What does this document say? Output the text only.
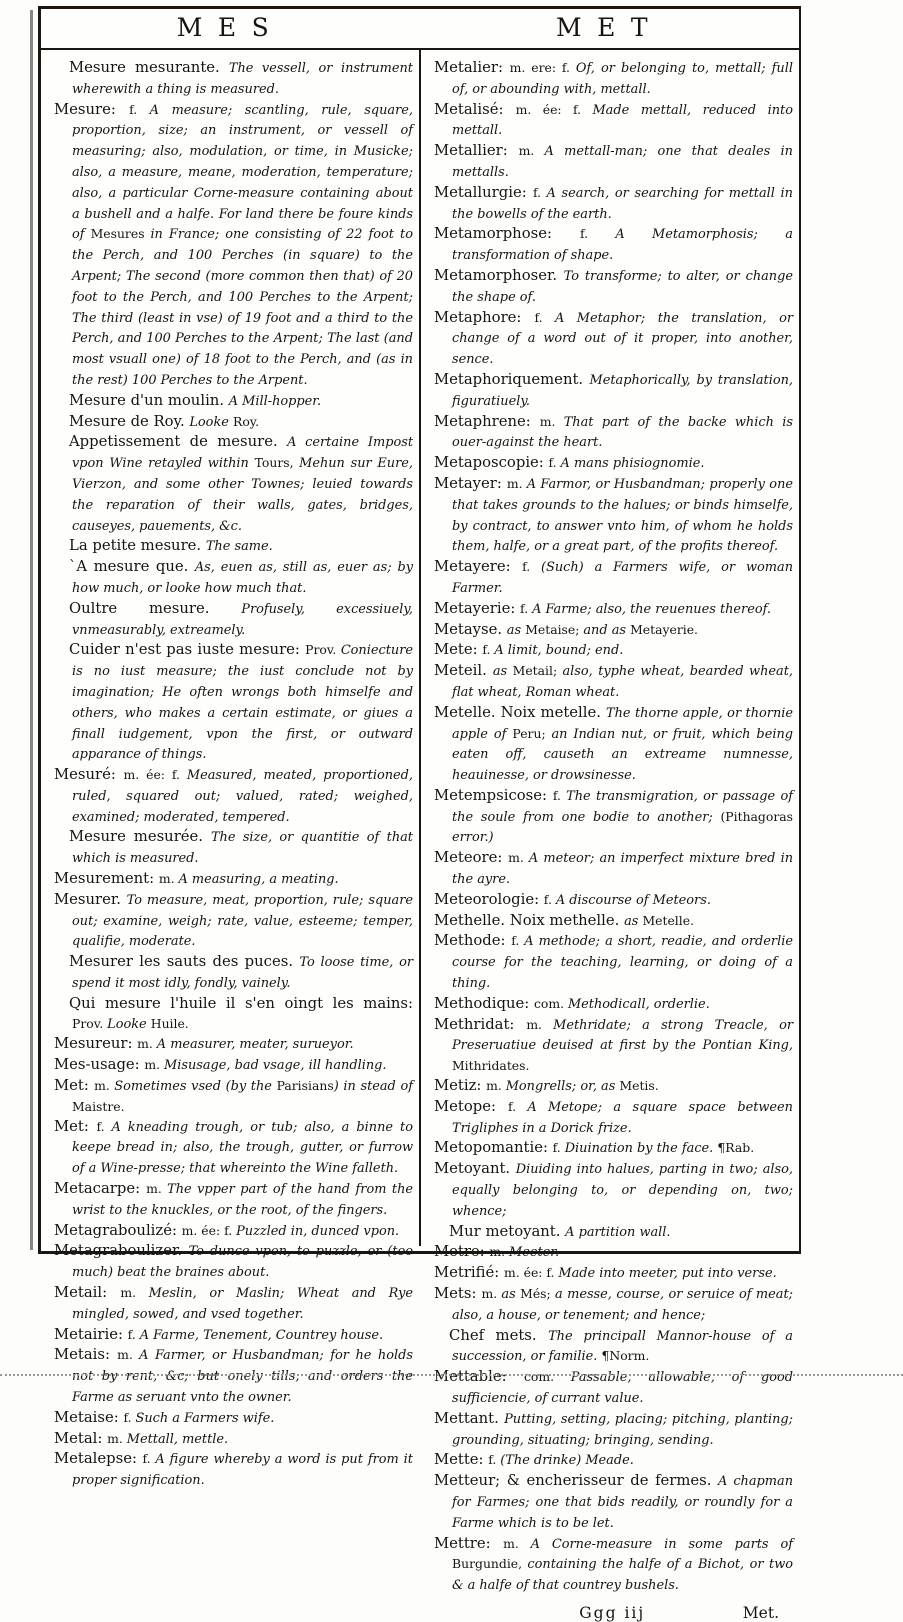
MES	MET

Mesure mesurante. The vessell, or instrument wherewith a thing is measured.

Mesure: f. A measure; scantling, rule, square, proportion, size; an instrument, or vessell of measuring; also, modulation, or time, in Musicke; also, a measure, meane, moderation, temperature; also, a particular Corne-measure containing about a bushell and a halfe. For land there be foure kinds of Mesures in France; one consisting of 22 foot to the Perch, and 100 Perches (in square) to the Arpent; The second (more common then that) of 20 foot to the Perch, and 100 Perches to the Arpent; The third (least in vse) of 19 foot and a third to the Perch, and 100 Perches to the Arpent; The last (and most vsuall one) of 18 foot to the Perch, and (as in the rest) 100 Perches to the Arpent.

Mesure d'un moulin. A Mill-hopper.

Mesure de Roy. Looke Roy.

Appetissement de mesure. A certaine Impost vpon Wine retayled within Tours, Mehun sur Eure, Vierzon, and some other Townes; leuied towards the reparation of their walls, gates, bridges, causeyes, pauements, &c.

La petite mesure. The same.

`A mesure que. As, euen as, still as, euer as; by how much, or looke how much that.

Oultre mesure. Profusely, excessiuely, vnmeasurably, extreamely.

Cuider n'est pas iuste mesure: Prov. Coniecture is no iust measure; the iust conclude not by imagination; He often wrongs both himselfe and others, who makes a certain estimate, or giues a finall iudgement, vpon the first, or outward apparance of things.

Mesuré: m. ée: f. Measured, meated, proportioned, ruled, squared out; valued, rated; weighed, examined; moderated, tempered.

Mesure mesurée. The size, or quantitie of that which is measured.

Mesurement: m. A measuring, a meating.

Mesurer. To measure, meat, proportion, rule; square out; examine, weigh; rate, value, esteeme; temper, qualifie, moderate.

Mesurer les sauts des puces. To loose time, or spend it most idly, fondly, vainely.

Qui mesure l'huile il s'en oingt les mains: Prov. Looke Huile.

Mesureur: m. A measurer, meater, surueyor.

Mes-usage: m. Misusage, bad vsage, ill handling.

Met: m. Sometimes vsed (by the Parisians) in stead of Maistre.

Met: f. A kneading trough, or tub; also, a binne to keepe bread in; also, the trough, gutter, or furrow of a Wine-presse; that whereinto the Wine falleth.

Metacarpe: m. The vpper part of the hand from the wrist to the knuckles, or the root, of the fingers.

Metagraboulizé: m. ée: f. Puzzled in, dunced vpon.

Metagraboulizer. To dunce vpon, to puzzle, or (too much) beat the braines about.

Metail: m. Meslin, or Maslin; Wheat and Rye mingled, sowed, and vsed together.

Metairie: f. A Farme, Tenement, Countrey house.

Metais: m. A Farmer, or Husbandman; for he holds not by rent, &c; but onely tills, and orders the Farme as seruant vnto the owner.

Metaise: f. Such a Farmers wife.

Metal: m. Mettall, mettle.

Metalepse: f. A figure whereby a word is put from it proper signification.

Metalier: m. ere: f. Of, or belonging to, mettall; full of, or abounding with, mettall.

Metalisé: m. ée: f. Made mettall, reduced into mettall.

Metallier: m. A mettall-man; one that deales in mettalls.

Metallurgie: f. A search, or searching for mettall in the bowells of the earth.

Metamorphose: f. A Metamorphosis; a transformation of shape.

Metamorphoser. To transforme; to alter, or change the shape of.

Metaphore: f. A Metaphor; the translation, or change of a word out of it proper, into another, sence.

Metaphoriquement. Metaphorically, by translation, figuratiuely.

Metaphrene: m. That part of the backe which is ouer-against the heart.

Metaposcopie: f. A mans phisiognomie.

Metayer: m. A Farmor, or Husbandman; properly one that takes grounds to the halues; or binds himselfe, by contract, to answer vnto him, of whom he holds them, halfe, or a great part, of the profits thereof.

Metayere: f. (Such) a Farmers wife, or woman Farmer.

Metayerie: f. A Farme; also, the reuenues thereof.

Metayse. as Metaise; and as Metayerie.

Mete: f. A limit, bound; end.

Meteil. as Metail; also, typhe wheat, bearded wheat, flat wheat, Roman wheat.

Metelle. Noix metelle. The thorne apple, or thornie apple of Peru; an Indian nut, or fruit, which being eaten off, causeth an extreame numnesse, heauinesse, or drowsinesse.

Metempsicose: f. The transmigration, or passage of the soule from one bodie to another; (Pithagoras error.)

Meteore: m. A meteor; an imperfect mixture bred in the ayre.

Meteorologie: f. A discourse of Meteors.

Methelle. Noix methelle. as Metelle.

Methode: f. A methode; a short, readie, and orderlie course for the teaching, learning, or doing of a thing.

Methodique: com. Methodicall, orderlie.

Methridat: m. Methridate; a strong Treacle, or Preseruatiue deuised at first by the Pontian King, Mithridates.

Metiz: m. Mongrells; or, as Metis.

Metope: f. A Metope; a square space between Trigliphes in a Dorick frize.

Metopomantie: f. Diuination by the face. ¶Rab.

Metoyant. Diuiding into halues, parting in two; also, equally belonging to, or depending on, two; whence;

Mur metoyant. A partition wall.

Metre: m. Meeter.

Metrifié: m. ée: f. Made into meeter, put into verse.

Mets: m. as Més; a messe, course, or seruice of meat; also, a house, or tenement; and hence;

Chef mets. The principall Mannor-house of a succession, or familie. ¶Norm.

Mettable: com. Passable, allowable, of good sufficiencie, of currant value.

Mettant. Putting, setting, placing; pitching, planting; grounding, situating; bringing, sending.

Mette: f. (The drinke) Meade.

Metteur; & encherisseur de fermes. A chapman for Farmes; one that bids readily, or roundly for a Farme which is to be let.

Mettre: m. A Corne-measure in some parts of Burgundie, containing the halfe of a Bichot, or two & a halfe of that countrey bushels.

Ggg iij	Met.
